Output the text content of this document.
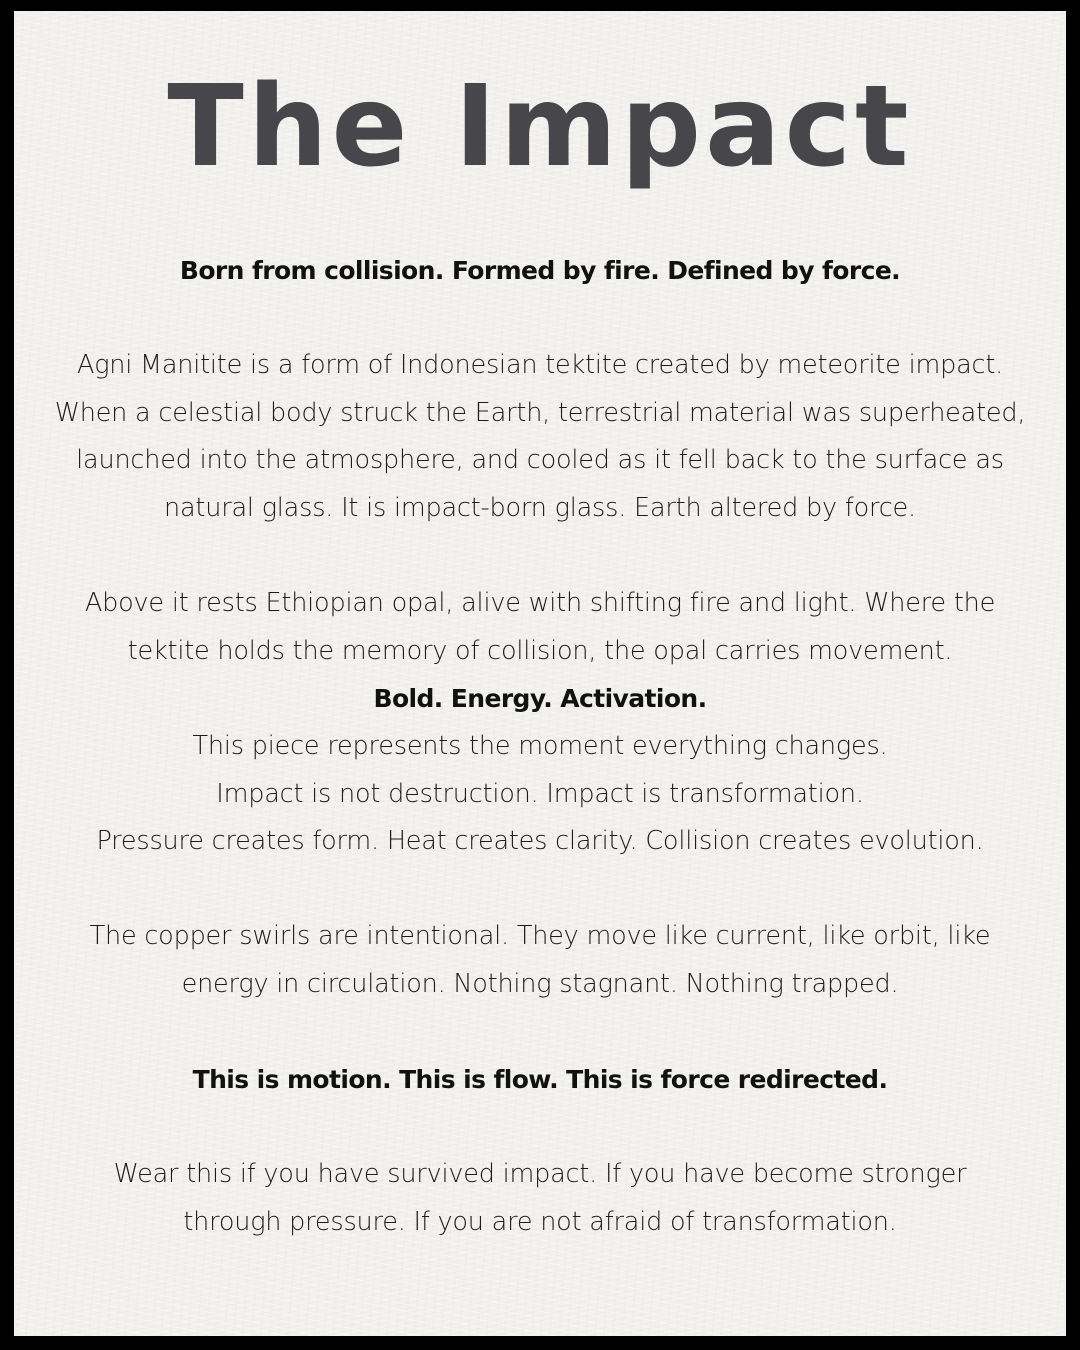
The Impact
Born from collision. Formed by fire. Defined by force.
Agni Manitite is a form of Indonesian tektite created by meteorite impact.
When a celestial body struck the Earth, terrestrial material was superheated,
launched into the atmosphere, and cooled as it fell back to the surface as
natural glass. It is impact-born glass. Earth altered by force.
Above it rests Ethiopian opal, alive with shifting fire and light. Where the
tektite holds the memory of collision, the opal carries movement.
Bold. Energy. Activation.
This piece represents the moment everything changes.
Impact is not destruction. Impact is transformation.
Pressure creates form. Heat creates clarity. Collision creates evolution.
The copper swirls are intentional. They move like current, like orbit, like
energy in circulation. Nothing stagnant. Nothing trapped.
This is motion. This is flow. This is force redirected.
Wear this if you have survived impact. If you have become stronger
through pressure. If you are not afraid of transformation.
